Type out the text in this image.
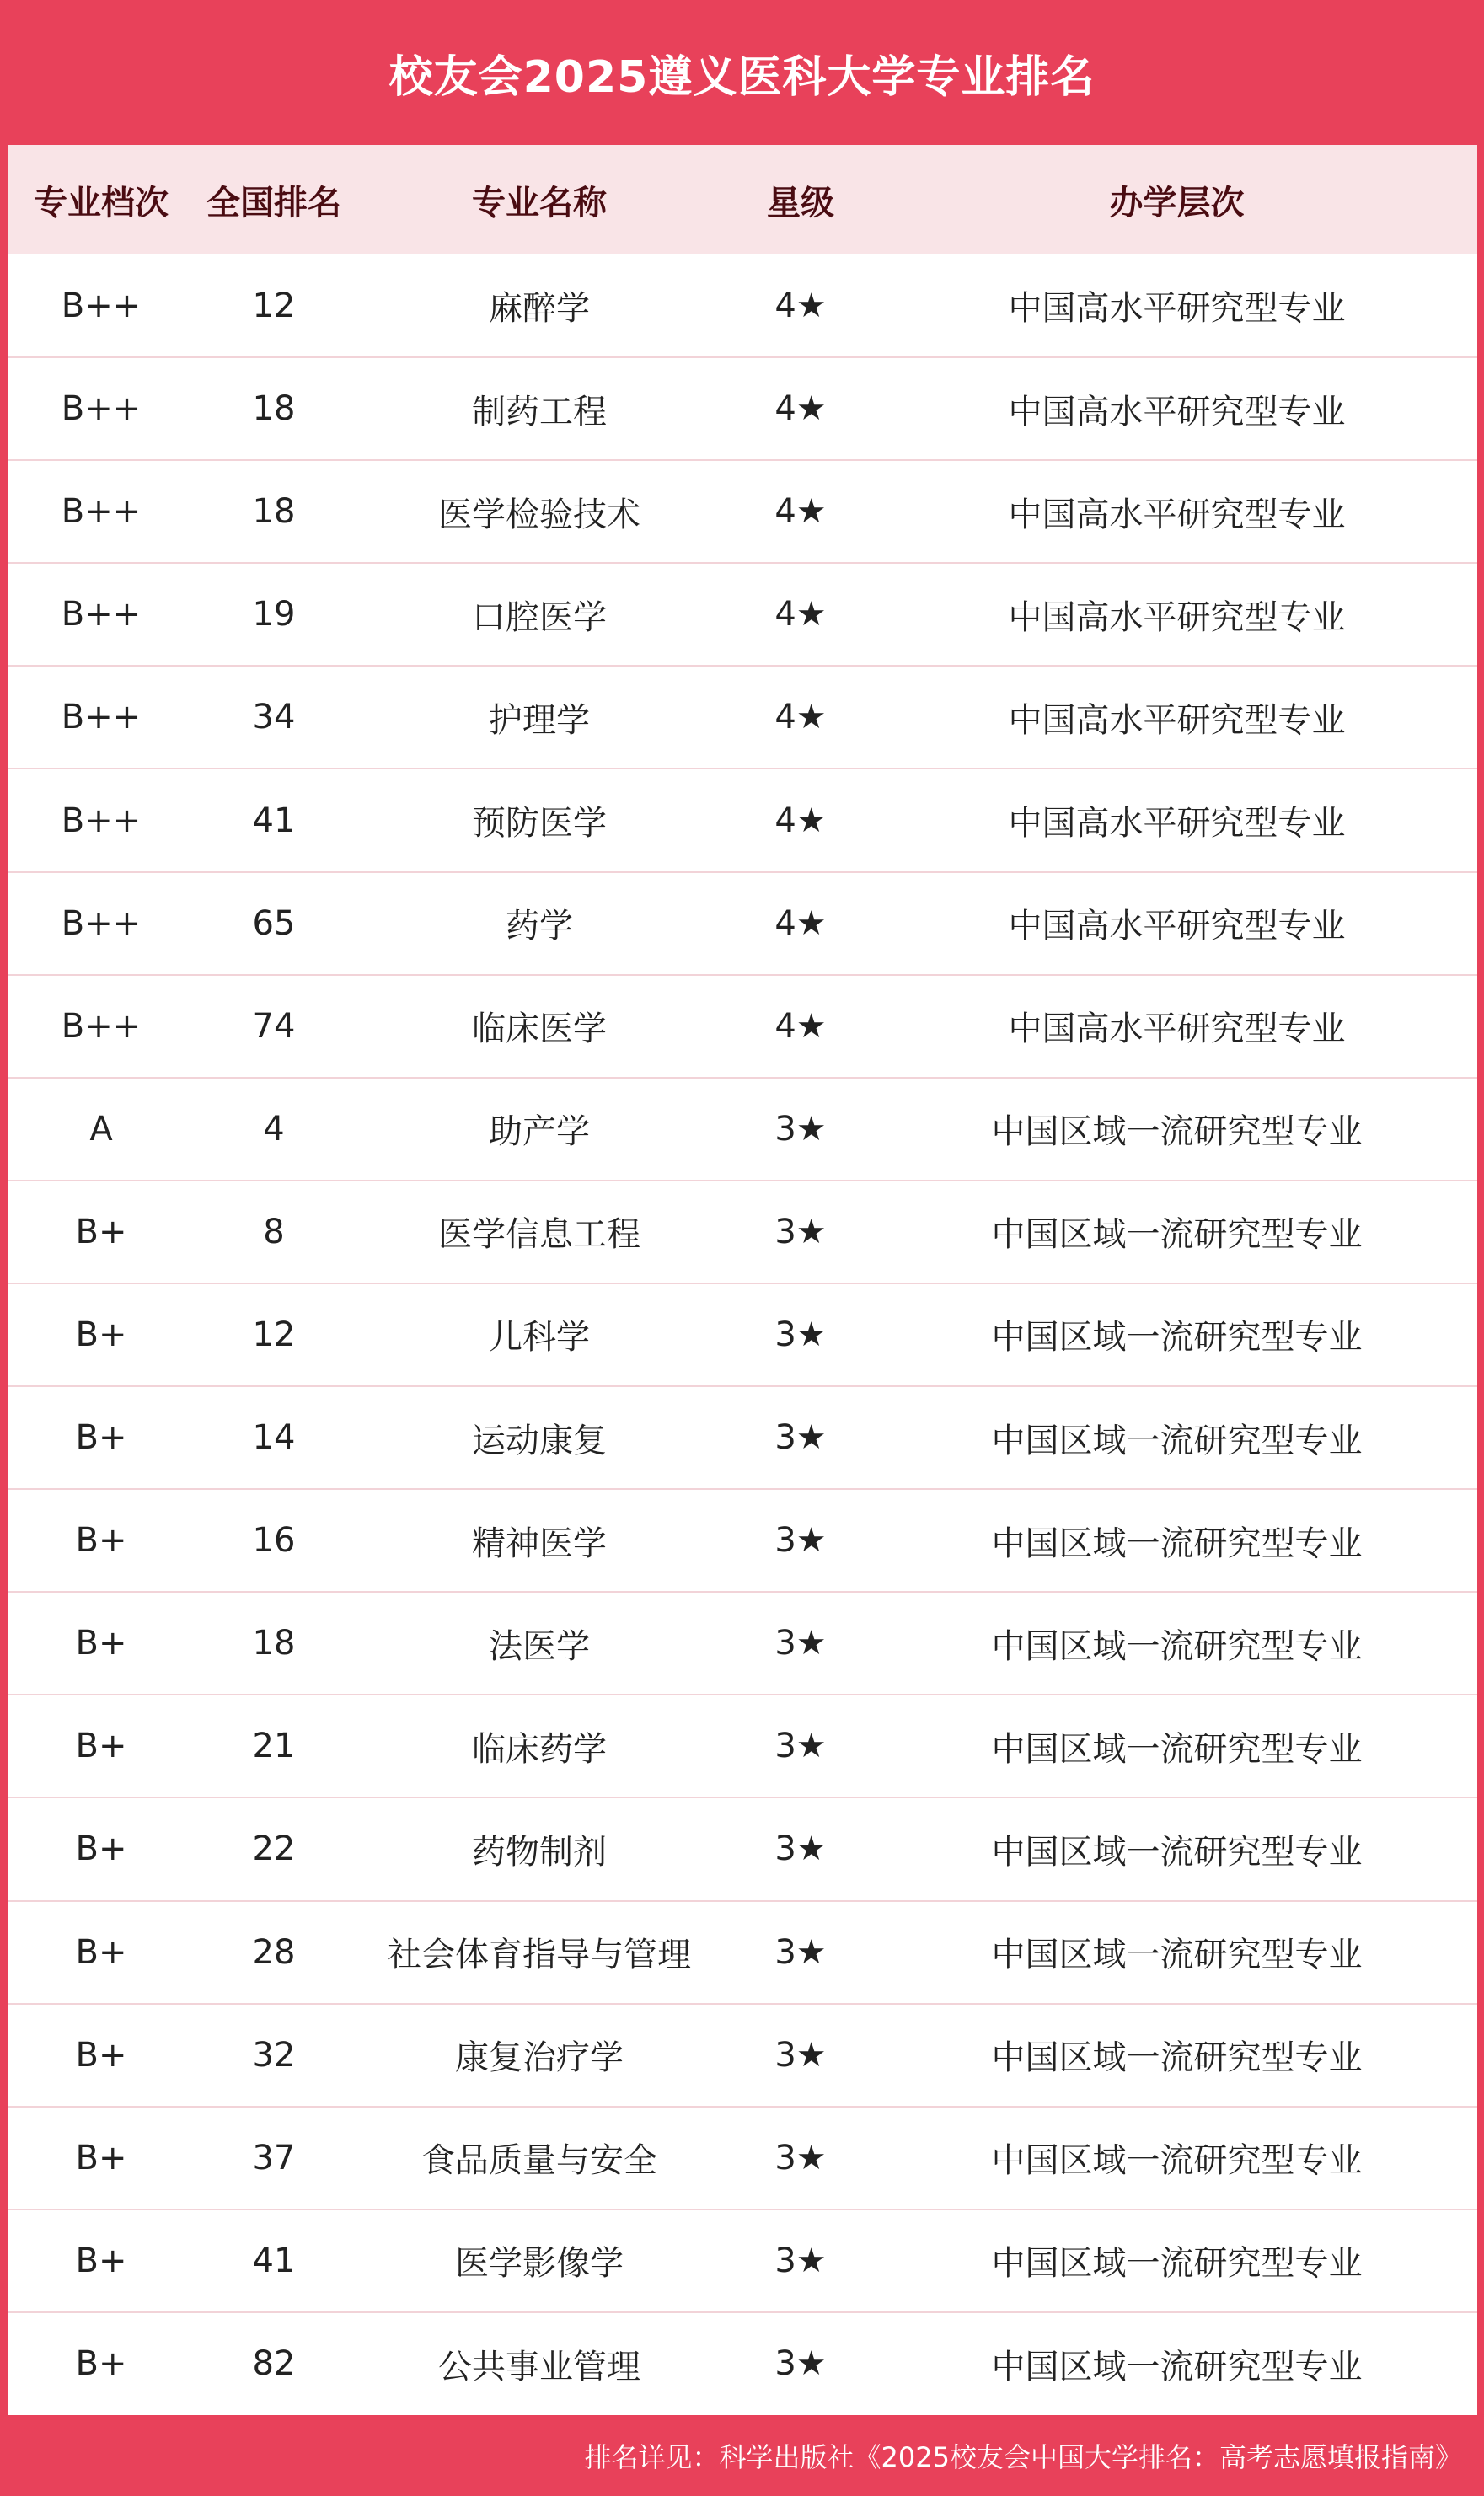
校友会2025遵义医科大学专业排名
专业档次	全国排名	专业名称	星级	办学层次
B++	12	麻醉学	4★	中国高水平研究型专业
B++	18	制药工程	4★	中国高水平研究型专业
B++	18	医学检验技术	4★	中国高水平研究型专业
B++	19	口腔医学	4★	中国高水平研究型专业
B++	34	护理学	4★	中国高水平研究型专业
B++	41	预防医学	4★	中国高水平研究型专业
B++	65	药学	4★	中国高水平研究型专业
B++	74	临床医学	4★	中国高水平研究型专业
A	4	助产学	3★	中国区域一流研究型专业
B+	8	医学信息工程	3★	中国区域一流研究型专业
B+	12	儿科学	3★	中国区域一流研究型专业
B+	14	运动康复	3★	中国区域一流研究型专业
B+	16	精神医学	3★	中国区域一流研究型专业
B+	18	法医学	3★	中国区域一流研究型专业
B+	21	临床药学	3★	中国区域一流研究型专业
B+	22	药物制剂	3★	中国区域一流研究型专业
B+	28	社会体育指导与管理	3★	中国区域一流研究型专业
B+	32	康复治疗学	3★	中国区域一流研究型专业
B+	37	食品质量与安全	3★	中国区域一流研究型专业
B+	41	医学影像学	3★	中国区域一流研究型专业
B+	82	公共事业管理	3★	中国区域一流研究型专业
排名详见：科学出版社《2025校友会中国大学排名：高考志愿填报指南》
